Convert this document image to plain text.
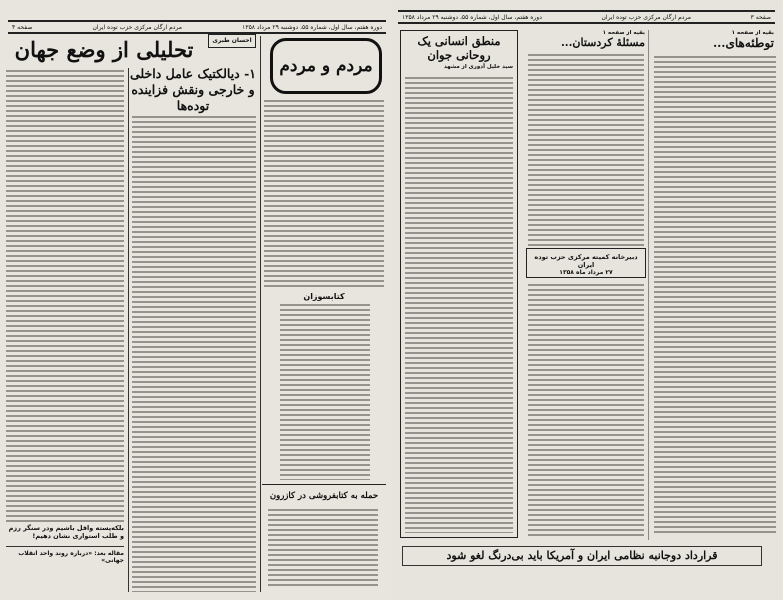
دوره هفتم، سال اول، شماره ۵۵، دوشنبه ۲۹ مرداد ۱۳۵۸
مردم ارگان مرکزی حزب توده ایران
صفحه ۴
مردم و مردم
تحلیلی از وضع جهان	احسان طبری
۱- دیالکتیک عامل داخلی و خارجی ونقش فزاینده توده‌ها
بلکه‌پسته واقل باشیم ودر سنگر رزم و طلب استواری نشان دهیم!
مقاله بعد: «درباره روند واحد انقلاب جهانی»
کتابسوزان
حمله به کتابفروشی در کازرون
صفحه ۳
مردم ارگان مرکزی حزب توده ایران
دوره هفتم، سال اول، شماره ۵۵، دوشنبه ۲۹ مرداد ۱۳۵۸
بقیه از صفحه ۱
توطئه‌های...
بقیه از صفحه ۱
مسئلهٔ کردستان...
دبیرخانه کمیته مرکزی حزب توده ایران
۲۷ مرداد ماه ۱۳۵۸
منطق انسانی یک روحانی جوان
سید خلیل آذوری از مشهد
قرارداد دوجانبه نظامی ایران و آمریکا باید بی‌درنگ لغو شود
